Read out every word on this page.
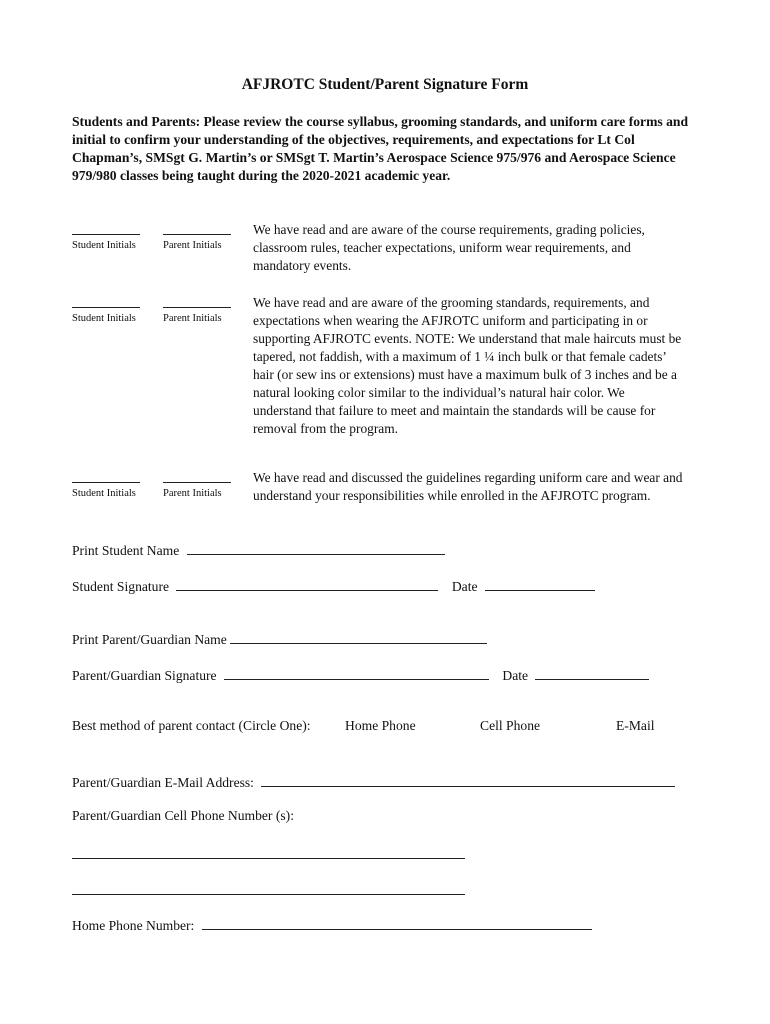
AFJROTC Student/Parent Signature Form
Students and Parents: Please review the course syllabus, grooming standards, and uniform care forms and initial to confirm your understanding of the objectives, requirements, and expectations for Lt Col Chapman’s, SMSgt G. Martin’s or SMSgt T. Martin’s Aerospace Science 975/976 and Aerospace Science 979/980 classes being taught during the 2020-2021 academic year.
Student Initials	Parent Initials
We have read and are aware of the course requirements, grading policies, classroom rules, teacher expectations, uniform wear requirements, and mandatory events.
Student Initials	Parent Initials
We have read and are aware of the grooming standards, requirements, and expectations when wearing the AFJROTC uniform and participating in or supporting AFJROTC events. NOTE: We understand that male haircuts must be tapered, not faddish, with a maximum of 1 ¼ inch bulk or that female cadets’ hair (or sew ins or extensions) must have a maximum bulk of 3 inches and be a natural looking color similar to the individual’s natural hair color. We understand that failure to meet and maintain the standards will be cause for removal from the program.
Student Initials	Parent Initials
We have read and discussed the guidelines regarding uniform care and wear and understand your responsibilities while enrolled in the AFJROTC program.
Print Student Name
Student Signature	Date
Print Parent/Guardian Name
Parent/Guardian Signature	Date
Best method of parent contact (Circle One):	Home Phone	Cell Phone	E-Mail
Parent/Guardian E-Mail Address:
Parent/Guardian Cell Phone Number (s):
Home Phone Number:
